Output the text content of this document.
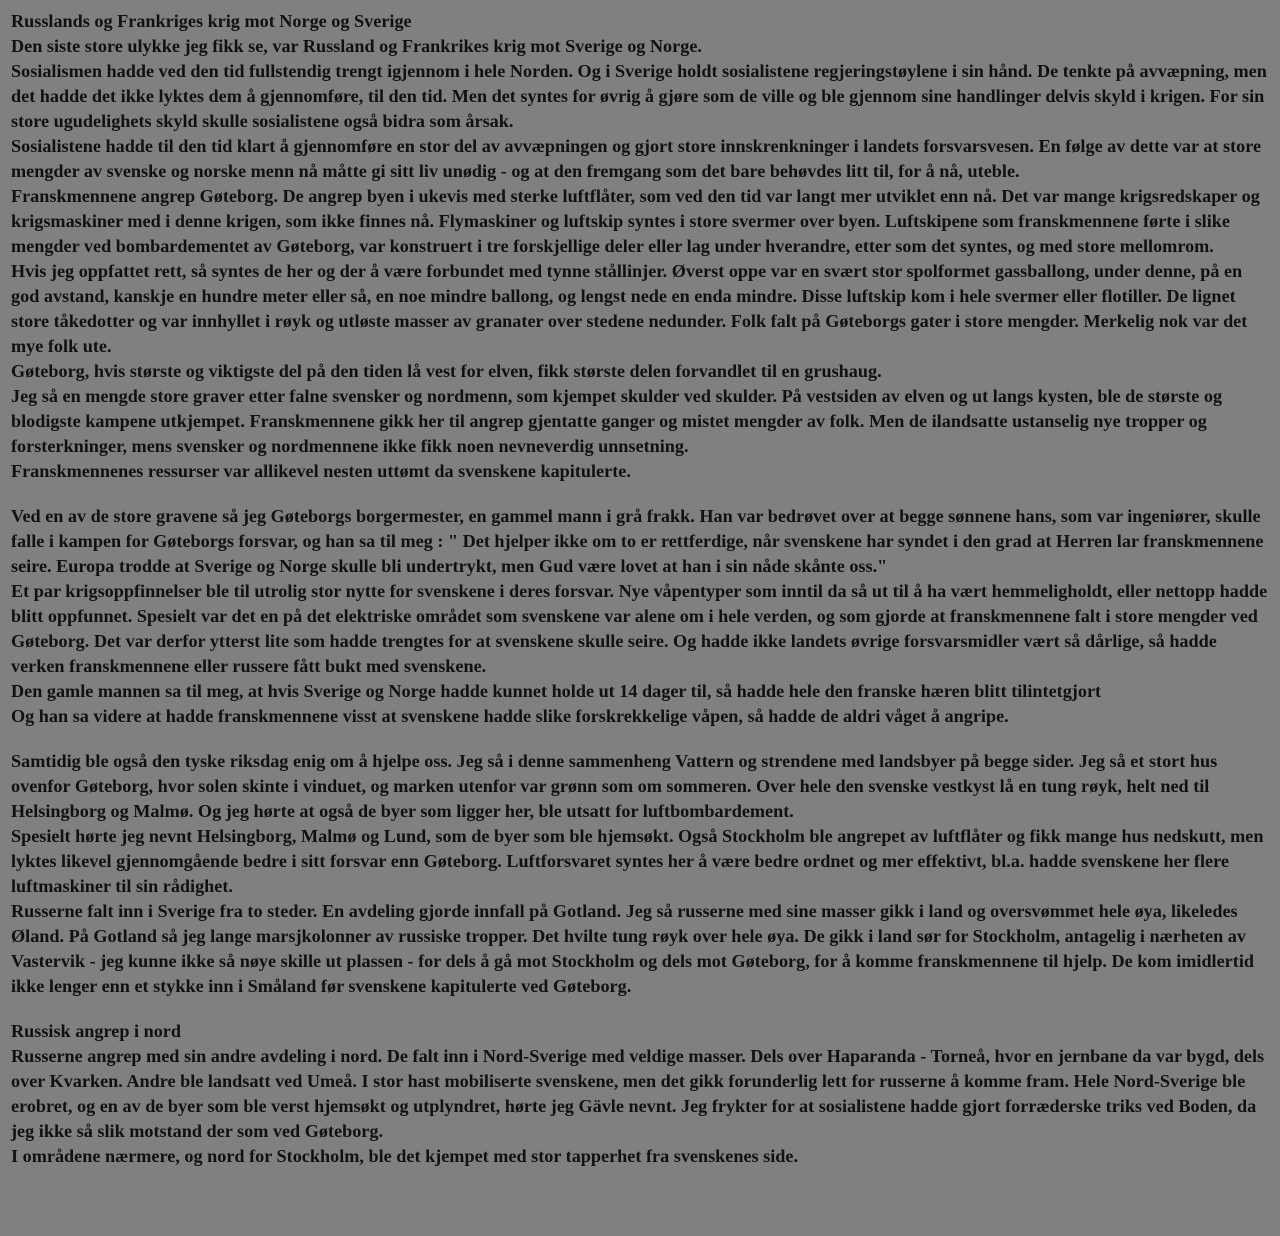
Russlands og Frankriges krig mot Norge og Sverige

Den siste store ulykke jeg fikk se, var Russland og Frankrikes krig mot Sverige og Norge.

Sosialismen hadde ved den tid fullstendig trengt igjennom i hele Norden. Og i Sverige holdt sosialistene regjeringstøylene i sin hånd. De tenkte på avvæpning, men det hadde det ikke lyktes dem å gjennomføre, til den tid. Men det syntes for øvrig å gjøre som de ville og ble gjennom sine handlinger delvis skyld i krigen. For sin store ugudelighets skyld skulle sosialistene også bidra som årsak.

Sosialistene hadde til den tid klart å gjennomføre en stor del av avvæpningen og gjort store innskrenkninger i landets forsvarsvesen. En følge av dette var at store mengder av svenske og norske menn nå måtte gi sitt liv unødig - og at den fremgang som det bare behøvdes litt til, for å nå, uteble.

Franskmennene angrep Gøteborg. De angrep byen i ukevis med sterke luftflåter, som ved den tid var langt mer utviklet enn nå. Det var mange krigsredskaper og krigsmaskiner med i denne krigen, som ikke finnes nå. Flymaskiner og luftskip syntes i store svermer over byen. Luftskipene som franskmennene førte i slike mengder ved bombardementet av Gøteborg, var konstruert i tre forskjellige deler eller lag under hverandre, etter som det syntes, og med store mellomrom.

Hvis jeg oppfattet rett, så syntes de her og der å være forbundet med tynne stållinjer. Øverst oppe var en svært stor spolformet gassballong, under denne, på en god avstand, kanskje en hundre meter eller så, en noe mindre ballong, og lengst nede en enda mindre. Disse luftskip kom i hele svermer eller flotiller. De lignet store tåkedotter og var innhyllet i røyk og utløste masser av granater over stedene nedunder. Folk falt på Gøteborgs gater i store mengder. Merkelig nok var det mye folk ute.

Gøteborg, hvis største og viktigste del på den tiden lå vest for elven, fikk største delen forvandlet til en grushaug.

Jeg så en mengde store graver etter falne svensker og nordmenn, som kjempet skulder ved skulder. På vestsiden av elven og ut langs kysten, ble de største og blodigste kampene utkjempet. Franskmennene gikk her til angrep gjentatte ganger og mistet mengder av folk. Men de ilandsatte ustanselig nye tropper og forsterkninger, mens svensker og nordmennene ikke fikk noen nevneverdig unnsetning.

Franskmennenes ressurser var allikevel nesten uttømt da svenskene kapitulerte.

Ved en av de store gravene så jeg Gøteborgs borgermester, en gammel mann i grå frakk. Han var bedrøvet over at begge sønnene hans, som var ingeniører, skulle falle i kampen for Gøteborgs forsvar, og han sa til meg : " Det hjelper ikke om to er rettferdige, når svenskene har syndet i den grad at Herren lar franskmennene seire. Europa trodde at Sverige og Norge skulle bli undertrykt, men Gud være lovet at han i sin nåde skånte oss."

Et par krigsoppfinnelser ble til utrolig stor nytte for svenskene i deres forsvar. Nye våpentyper som inntil da så ut til å ha vært hemmeligholdt, eller nettopp hadde blitt oppfunnet. Spesielt var det en på det elektriske området som svenskene var alene om i hele verden, og som gjorde at franskmennene falt i store mengder ved Gøteborg. Det var derfor ytterst lite som hadde trengtes for at svenskene skulle seire. Og hadde ikke landets øvrige forsvarsmidler vært så dårlige, så hadde verken franskmennene eller russere fått bukt med svenskene.

Den gamle mannen sa til meg, at hvis Sverige og Norge hadde kunnet holde ut 14 dager til, så hadde hele den franske hæren blitt tilintetgjort

Og han sa videre at hadde franskmennene visst at svenskene hadde slike forskrekkelige våpen, så hadde de aldri våget å angripe.

Samtidig ble også den tyske riksdag enig om å hjelpe oss. Jeg så i denne sammenheng Vattern og strendene med landsbyer på begge sider. Jeg så et stort hus ovenfor Gøteborg, hvor solen skinte i vinduet, og marken utenfor var grønn som om sommeren. Over hele den svenske vestkyst lå en tung røyk, helt ned til Helsingborg og Malmø. Og jeg hørte at også de byer som ligger her, ble utsatt for luftbombardement.

Spesielt hørte jeg nevnt Helsingborg, Malmø og Lund, som de byer som ble hjemsøkt. Også Stockholm ble angrepet av luftflåter og fikk mange hus nedskutt, men lyktes likevel gjennomgående bedre i sitt forsvar enn Gøteborg. Luftforsvaret syntes her å være bedre ordnet og mer effektivt, bl.a. hadde svenskene her flere luftmaskiner til sin rådighet.

Russerne falt inn i Sverige fra to steder. En avdeling gjorde innfall på Gotland. Jeg så russerne med sine masser gikk i land og oversvømmet hele øya, likeledes Øland. På Gotland så jeg lange marsjkolonner av russiske tropper. Det hvilte tung røyk over hele øya. De gikk i land sør for Stockholm, antagelig i nærheten av Vastervik - jeg kunne ikke så nøye skille ut plassen - for dels å gå mot Stockholm og dels mot Gøteborg, for å komme franskmennene til hjelp. De kom imidlertid ikke lenger enn et stykke inn i Småland før svenskene kapitulerte ved Gøteborg.

Russisk angrep i nord

Russerne angrep med sin andre avdeling i nord. De falt inn i Nord-Sverige med veldige masser. Dels over Haparanda - Torneå, hvor en jernbane da var bygd, dels over Kvarken. Andre ble landsatt ved Umeå. I stor hast mobiliserte svenskene, men det gikk forunderlig lett for russerne å komme fram. Hele Nord-Sverige ble erobret, og en av de byer som ble verst hjemsøkt og utplyndret, hørte jeg Gävle nevnt. Jeg frykter for at sosialistene hadde gjort forræderske triks ved Boden, da jeg ikke så slik motstand der som ved Gøteborg.

I områdene nærmere, og nord for Stockholm, ble det kjempet med stor tapperhet fra svenskenes side.
